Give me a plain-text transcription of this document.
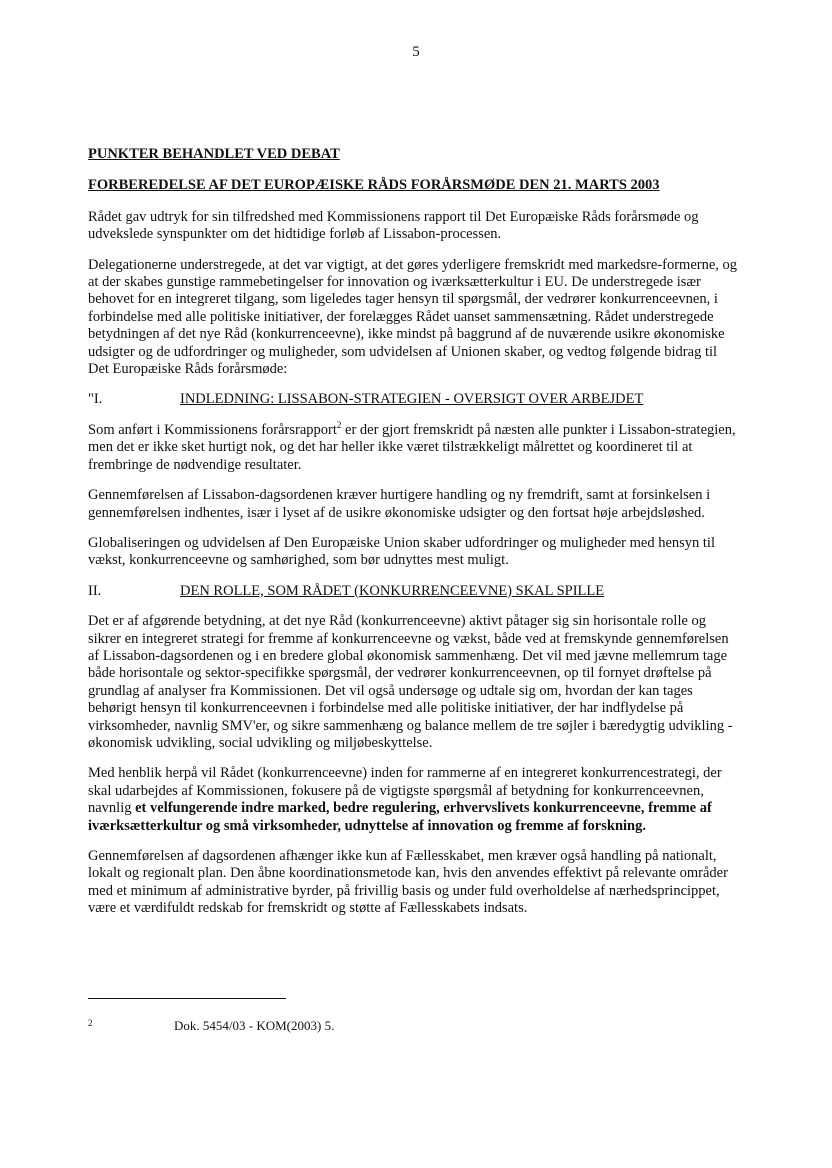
5
PUNKTER BEHANDLET VED DEBAT
FORBEREDELSE AF DET EUROPÆISKE RÅDS FORÅRSMØDE DEN 21. MARTS 2003

Rådet gav udtryk for sin tilfredshed med Kommissionens rapport til Det Europæiske Råds forårsmøde og udvekslede synspunkter om det hidtidige forløb af Lissabon-processen.

Delegationerne understregede, at det var vigtigt, at det gøres yderligere fremskridt med markedsre-formerne, og at der skabes gunstige rammebetingelser for innovation og iværksætterkultur i EU. De understregede især behovet for en integreret tilgang, som ligeledes tager hensyn til spørgsmål, der vedrører konkurrenceevnen, i forbindelse med alle politiske initiativer, der forelægges Rådet uanset sammensætning. Rådet understregede betydningen af det nye Råd (konkurrenceevne), ikke mindst på baggrund af de nuværende usikre økonomiske udsigter og de udfordringer og muligheder, som udvidelsen af Unionen skaber, og vedtog følgende bidrag til Det Europæiske Råds forårsmøde:

"I.	INDLEDNING: LISSABON-STRATEGIEN - OVERSIGT OVER ARBEJDET

Som anført i Kommissionens forårsrapport$^2$ er der gjort fremskridt på næsten alle punkter i Lissabon-strategien, men det er ikke sket hurtigt nok, og det har heller ikke været tilstrækkeligt målrettet og koordineret til at frembringe de nødvendige resultater.

Gennemførelsen af Lissabon-dagsordenen kræver hurtigere handling og ny fremdrift, samt at forsinkelsen i gennemførelsen indhentes, især i lyset af de usikre økonomiske udsigter og den fortsat høje arbejdsløshed.

Globaliseringen og udvidelsen af Den Europæiske Union skaber udfordringer og muligheder med hensyn til vækst, konkurrenceevne og samhørighed, som bør udnyttes mest muligt.

II.	DEN ROLLE, SOM RÅDET (KONKURRENCEEVNE) SKAL SPILLE

Det er af afgørende betydning, at det nye Råd (konkurrenceevne) aktivt påtager sig sin horisontale rolle og sikrer en integreret strategi for fremme af konkurrenceevne og vækst, både ved at fremskynde gennemførelsen af Lissabon-dagsordenen og i en bredere global økonomisk sammenhæng. Det vil med jævne mellemrum tage både horisontale og sektor-specifikke spørgsmål, der vedrører konkurrenceevnen, op til fornyet drøftelse på grundlag af analyser fra Kommissionen. Det vil også undersøge og udtale sig om, hvordan der kan tages behørigt hensyn til konkurrenceevnen i forbindelse med alle politiske initiativer, der har indflydelse på virksomheder, navnlig SMV'er, og sikre sammenhæng og balance mellem de tre søjler i bæredygtig udvikling - økonomisk udvikling, social udvikling og miljøbeskyttelse.

Med henblik herpå vil Rådet (konkurrenceevne) inden for rammerne af en integreret konkurrencestrategi, der skal udarbejdes af Kommissionen, fokusere på de vigtigste spørgsmål af betydning for konkurrenceevnen, navnlig et velfungerende indre marked, bedre regulering, erhvervslivets konkurrenceevne, fremme af iværksætterkultur og små virksomheder, udnyttelse af innovation og fremme af forskning.

Gennemførelsen af dagsordenen afhænger ikke kun af Fællesskabet, men kræver også handling på nationalt, lokalt og regionalt plan. Den åbne koordinationsmetode kan, hvis den anvendes effektivt på relevante områder med et minimum af administrative byrder, på frivillig basis og under fuld overholdelse af nærhedsprincippet, være et værdifuldt redskab for fremskridt og støtte af Fællesskabets indsats.

2	Dok. 5454/03 - KOM(2003) 5.
